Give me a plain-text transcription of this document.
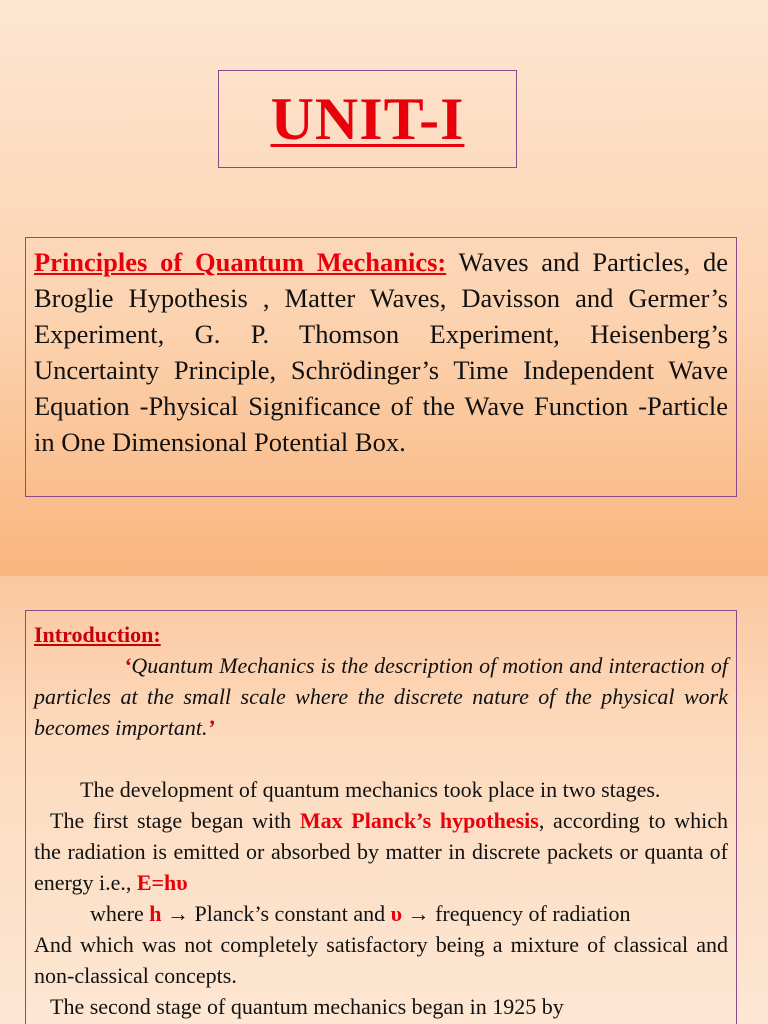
UNIT-I
Principles of Quantum Mechanics: Waves and Particles, de Broglie Hypothesis , Matter Waves, Davisson and Germer’s Experiment, G. P. Thomson Experiment, Heisenberg’s Uncertainty Principle, Schrӧdinger’s Time Independent Wave Equation -Physical Significance of the Wave Function -Particle in One Dimensional Potential Box.

Introduction:

‘Quantum Mechanics is the description of motion and interaction of particles at the small scale where the discrete nature of the physical work becomes important.’

The development of quantum mechanics took place in two stages.

The first stage began with Max Planck’s hypothesis, according to which the radiation is emitted or absorbed by matter in discrete packets or quanta of energy i.e., E=hυ

where h → Planck’s constant and υ → frequency of radiation

And which was not completely satisfactory being a mixture of classical and non-classical concepts.

The second stage of quantum mechanics began in 1925 by
